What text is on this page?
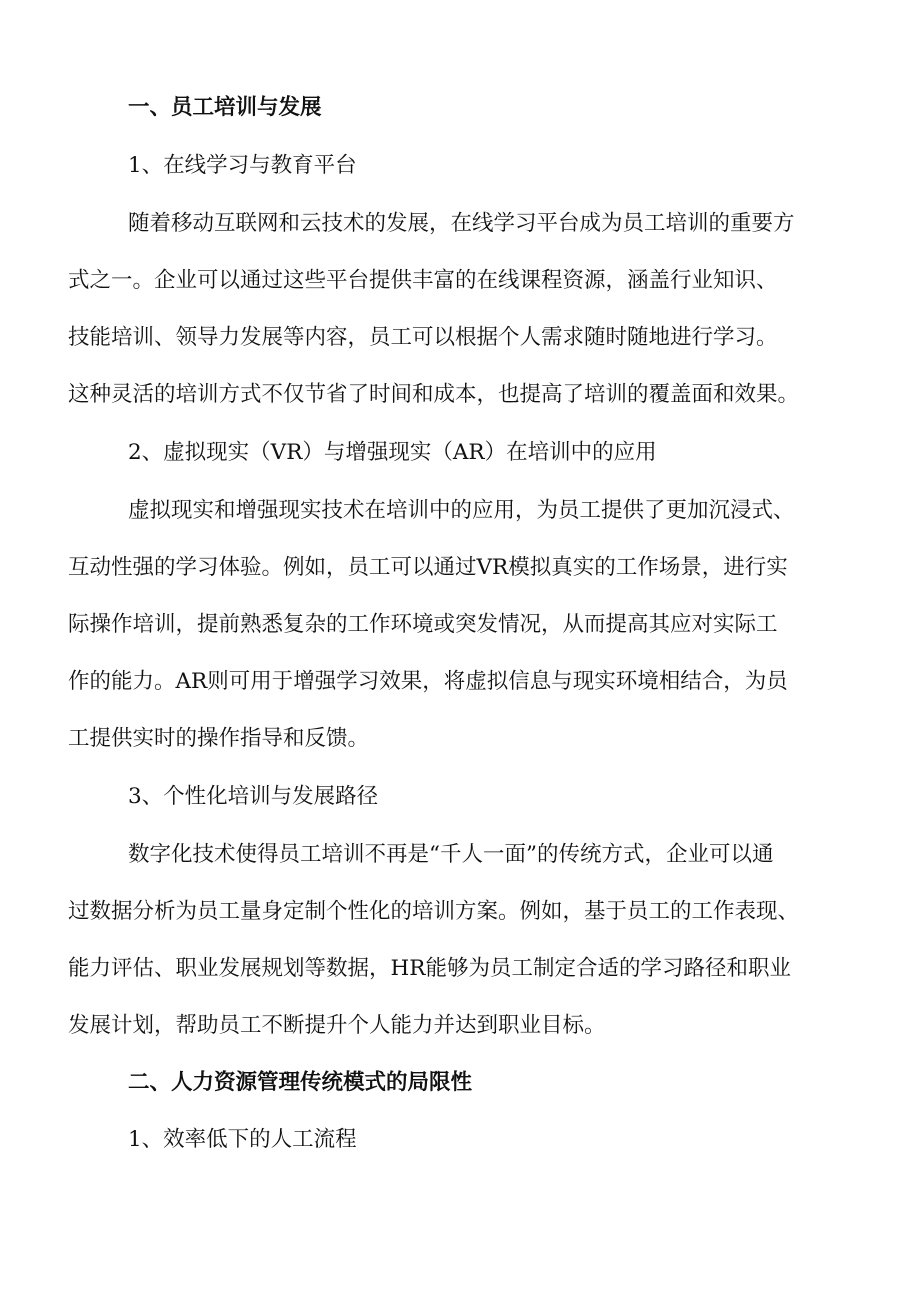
一、员工培训与发展
1、在线学习与教育平台
随着移动互联网和云技术的发展，在线学习平台成为员工培训的重要方
式之一。企业可以通过这些平台提供丰富的在线课程资源，涵盖行业知识、
技能培训、领导力发展等内容，员工可以根据个人需求随时随地进行学习。
这种灵活的培训方式不仅节省了时间和成本，也提高了培训的覆盖面和效果。
2、虚拟现实（VR）与增强现实（AR）在培训中的应用
虚拟现实和增强现实技术在培训中的应用，为员工提供了更加沉浸式、
互动性强的学习体验。例如，员工可以通过VR模拟真实的工作场景，进行实
际操作培训，提前熟悉复杂的工作环境或突发情况，从而提高其应对实际工
作的能力。AR则可用于增强学习效果，将虚拟信息与现实环境相结合，为员
工提供实时的操作指导和反馈。
3、个性化培训与发展路径
数字化技术使得员工培训不再是“千人一面”的传统方式，企业可以通
过数据分析为员工量身定制个性化的培训方案。例如，基于员工的工作表现、
能力评估、职业发展规划等数据，HR能够为员工制定合适的学习路径和职业
发展计划，帮助员工不断提升个人能力并达到职业目标。
二、人力资源管理传统模式的局限性
1、效率低下的人工流程
